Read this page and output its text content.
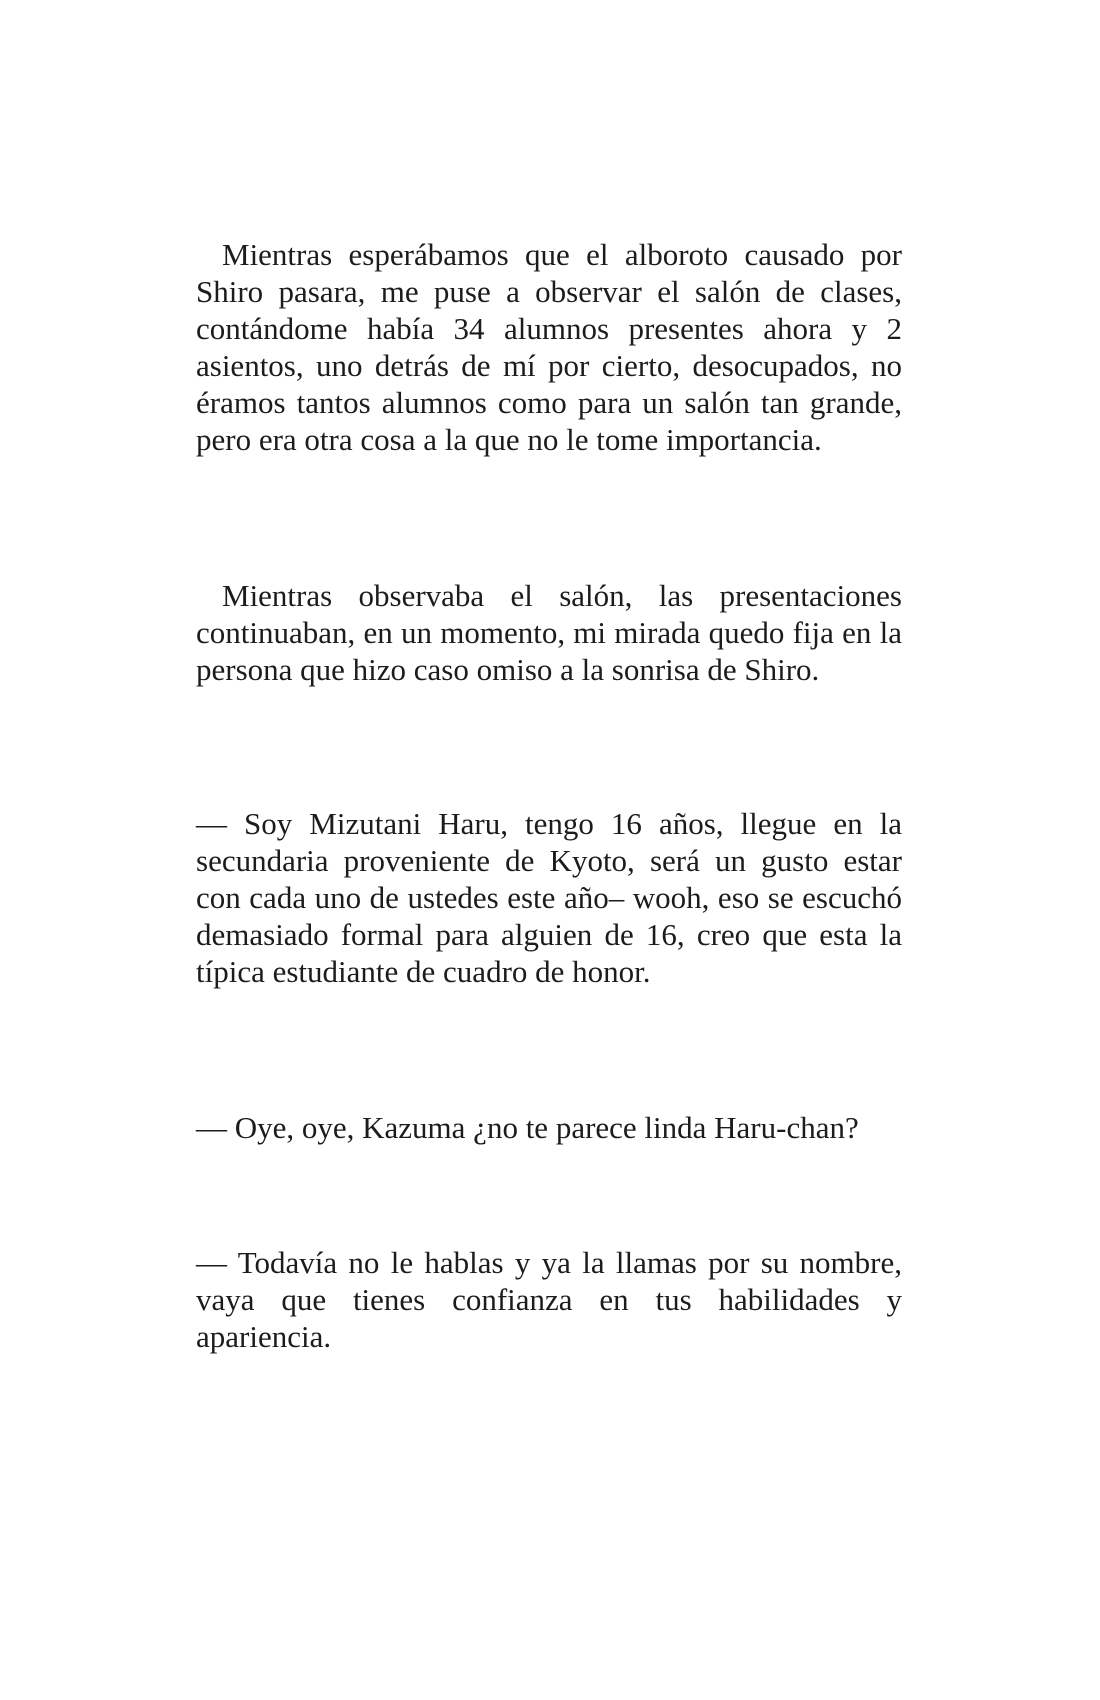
Mientras esperábamos que el alboroto causado por Shiro pasara, me puse a observar el salón de clases, contándome había 34 alumnos presentes ahora y 2 asientos, uno detrás de mí por cierto, desocupados, no éramos tantos alumnos como para un salón tan grande, pero era otra cosa a la que no le tome importancia.

Mientras observaba el salón, las presentaciones continuaban, en un momento, mi mirada quedo fija en la persona que hizo caso omiso a la sonrisa de Shiro.

— Soy Mizutani Haru, tengo 16 años, llegue en la secundaria proveniente de Kyoto, será un gusto estar con cada uno de ustedes este año– wooh, eso se escuchó demasiado formal para alguien de 16, creo que esta la típica estudiante de cuadro de honor.

— Oye, oye, Kazuma ¿no te parece linda Haru-chan?

— Todavía no le hablas y ya la llamas por su nombre, vaya que tienes confianza en tus habilidades y apariencia.
